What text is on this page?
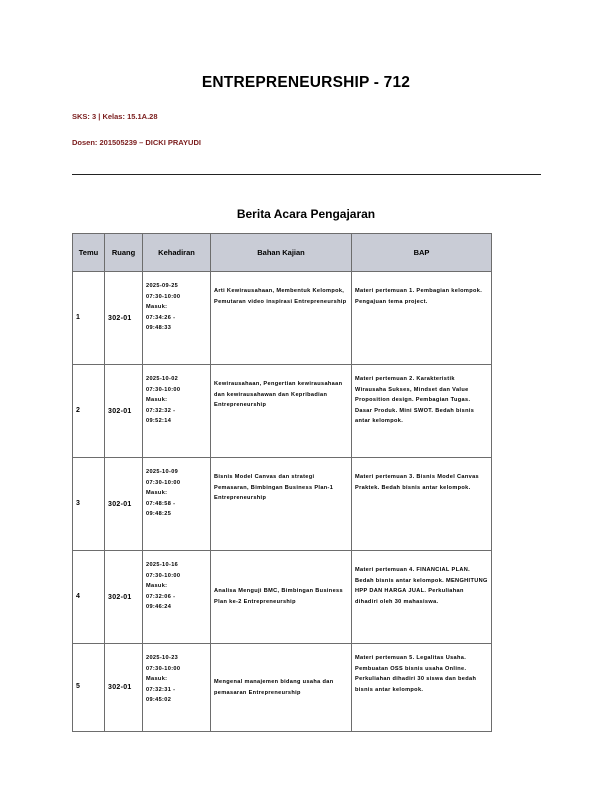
ENTREPRENEURSHIP - 712
SKS: 3 | Kelas: 15.1A.28
Dosen: 201505239 – DICKI PRAYUDI
Berita Acara Pengajaran
Temu	Ruang	Kehadiran	Bahan Kajian	BAP
1	302-01	2025-09-25
07:30-10:00
Masuk:
07:34:26 -
09:48:33	Arti Kewirausahaan, Membentuk Kelompok, Pemutaran video inspirasi Entrepreneurship	Materi pertemuan 1. Pembagian kelompok. Pengajuan tema project.
2	302-01	2025-10-02
07:30-10:00
Masuk:
07:32:32 -
09:52:14	Kewirausahaan, Pengertian kewirausahaan dan kewirausahawan dan Kepribadian Entrepreneurship	Materi pertemuan 2. Karakteristik Wirausaha Sukses, Mindset dan Value Proposition design. Pembagian Tugas. Dasar Produk. Mini SWOT. Bedah bisnis antar kelompok.
3	302-01	2025-10-09
07:30-10:00
Masuk:
07:48:58 -
09:48:25	Bisnis Model Canvas dan strategi Pemasaran, Bimbingan Business Plan-1 Entrepreneurship	Materi pertemuan 3. Bisnis Model Canvas Praktek. Bedah bisnis antar kelompok.
4	302-01	2025-10-16
07:30-10:00
Masuk:
07:32:06 -
09:46:24	Analisa Menguji BMC, Bimbingan Business Plan ke-2 Entrepreneurship	Materi pertemuan 4. FINANCIAL PLAN. Bedah bisnis antar kelompok. MENGHITUNG HPP DAN HARGA JUAL. Perkuliahan dihadiri oleh 30 mahasiswa.
5	302-01	2025-10-23
07:30-10:00
Masuk:
07:32:31 -
09:45:02	Mengenal manajemen bidang usaha dan pemasaran Entrepreneurship	Materi pertemuan 5. Legalitas Usaha. Pembuatan OSS bisnis usaha Online. Perkuliahan dihadiri 30 siswa dan bedah bisnis antar kelompok.
